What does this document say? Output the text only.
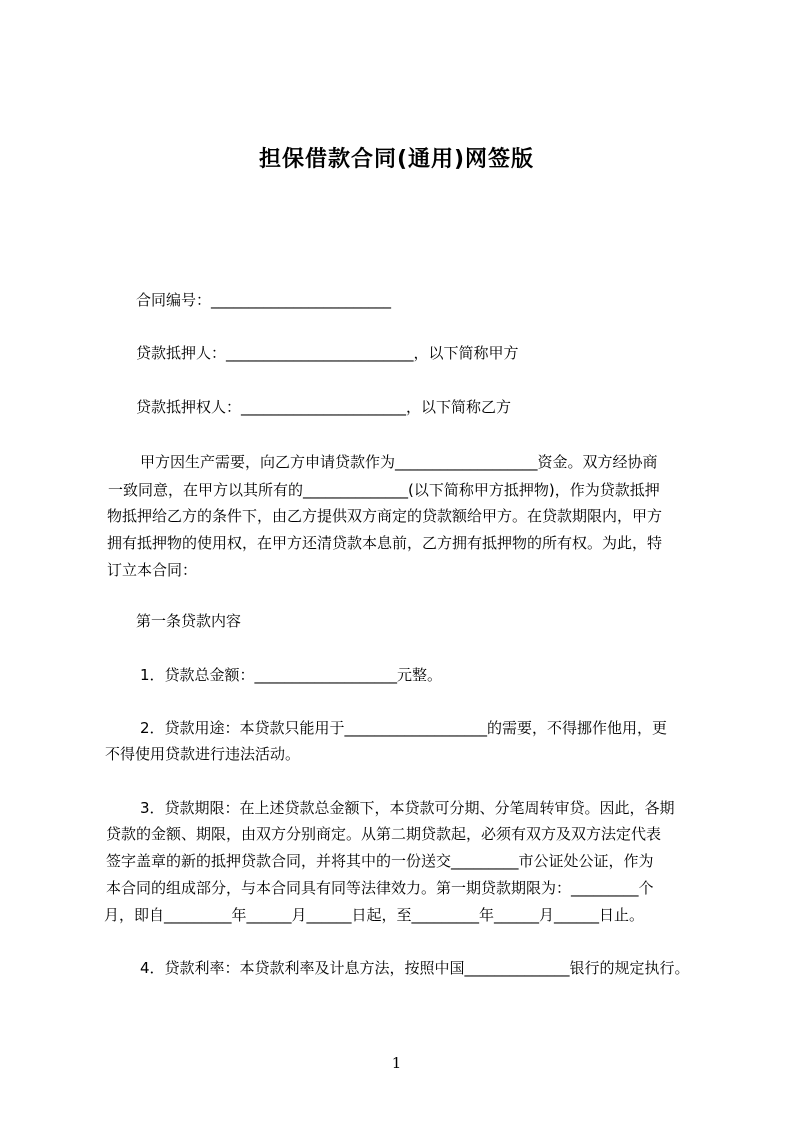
担保借款合同(通用)网签版
合同编号：________________________
贷款抵押人：_________________________，以下简称甲方
贷款抵押权人：______________________，以下简称乙方
甲方因生产需要，向乙方申请贷款作为___________________资金。双方经协商
一致同意，在甲方以其所有的______________(以下简称甲方抵押物)，作为贷款抵押
物抵押给乙方的条件下，由乙方提供双方商定的贷款额给甲方。在贷款期限内，甲方
拥有抵押物的使用权，在甲方还清贷款本息前，乙方拥有抵押物的所有权。为此，特
订立本合同：
第一条贷款内容
1．贷款总金额：___________________元整。
2．贷款用途：本贷款只能用于___________________的需要，不得挪作他用，更
不得使用贷款进行违法活动。
3．贷款期限：在上述贷款总金额下，本贷款可分期、分笔周转审贷。因此，各期
贷款的金额、期限，由双方分别商定。从第二期贷款起，必须有双方及双方法定代表
签字盖章的新的抵押贷款合同，并将其中的一份送交_________市公证处公证，作为
本合同的组成部分，与本合同具有同等法律效力。第一期贷款期限为：_________个
月，即自_________年______月______日起，至_________年______月______日止。
4．贷款利率：本贷款利率及计息方法，按照中国______________银行的规定执行。
1
